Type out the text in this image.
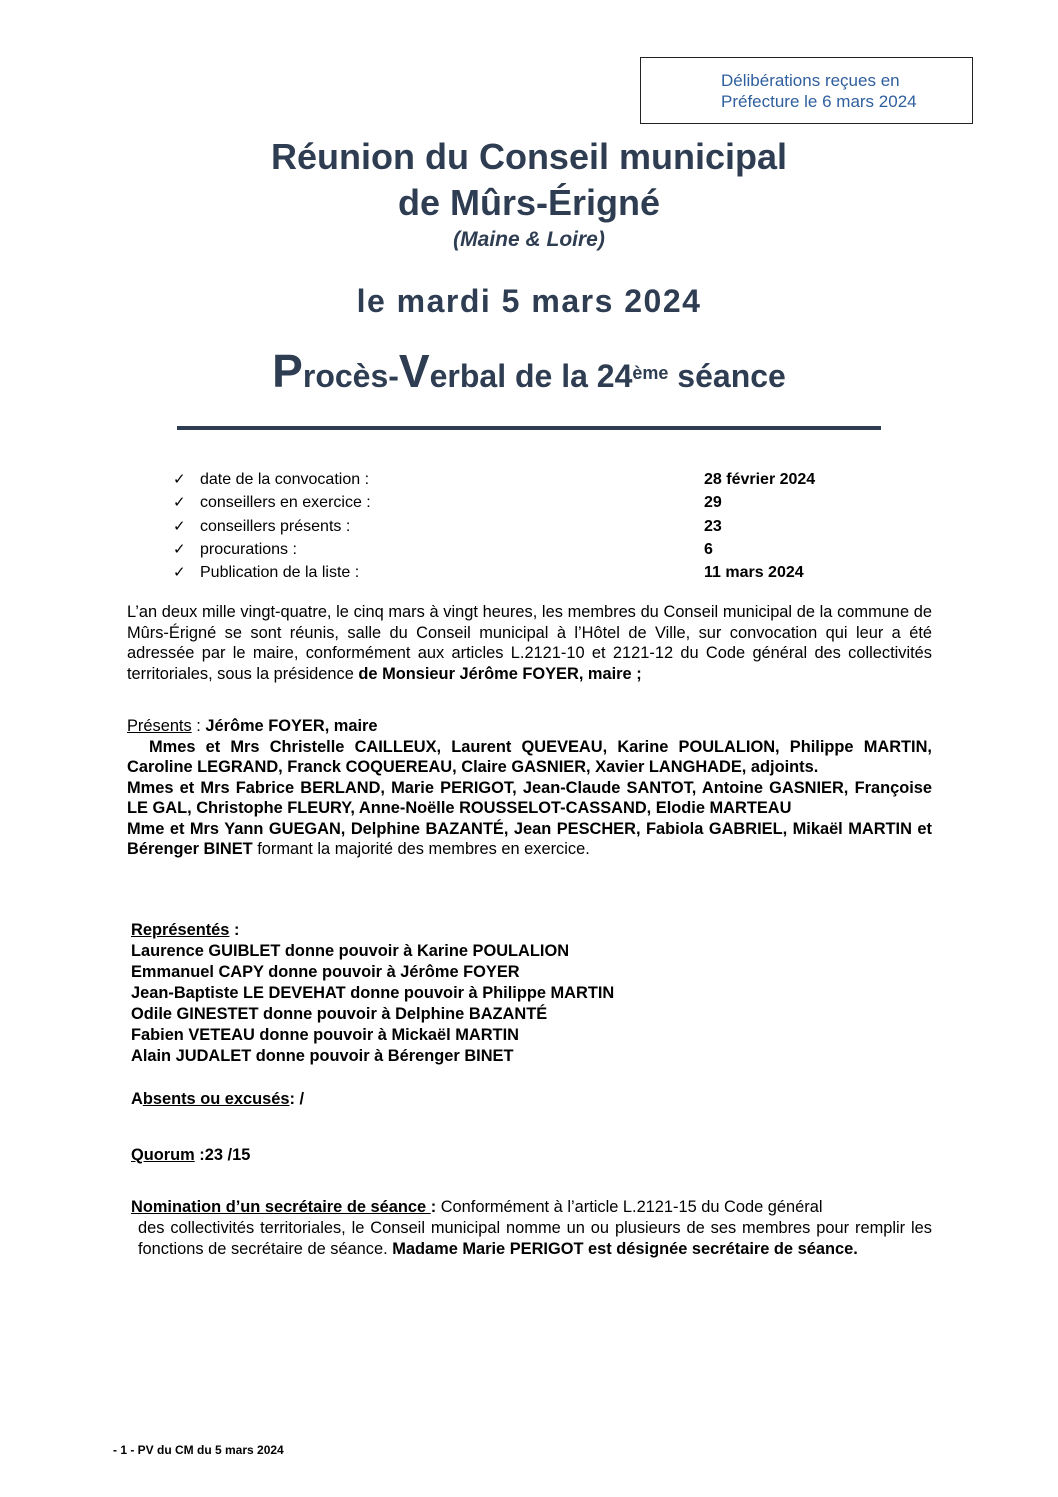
Délibérations reçues en
Préfecture le 6 mars 2024
Réunion du Conseil municipal
de Mûrs-Érigné
(Maine & Loire)
le mardi 5 mars 2024
Procès-Verbal de la 24ème séance
✓ date de la convocation :	28 février 2024
✓ conseillers en exercice :	29
✓ conseillers présents :	23
✓ procurations :	6
✓ Publication de la liste :	11 mars 2024
L’an deux mille vingt-quatre, le cinq mars à vingt heures, les membres du Conseil municipal de la commune de Mûrs-Érigné se sont réunis, salle du Conseil municipal à l’Hôtel de Ville, sur convocation qui leur a été adressée par le maire, conformément aux articles L.2121-10 et 2121-12 du Code général des collectivités territoriales, sous la présidence de Monsieur Jérôme FOYER, maire ;
Présents : Jérôme FOYER, maire
Mmes et Mrs Christelle CAILLEUX, Laurent QUEVEAU, Karine POULALION, Philippe MARTIN, Caroline LEGRAND, Franck COQUEREAU, Claire GASNIER, Xavier LANGHADE, adjoints.
Mmes et Mrs Fabrice BERLAND, Marie PERIGOT, Jean-Claude SANTOT, Antoine GASNIER, Françoise LE GAL, Christophe FLEURY, Anne-Noëlle ROUSSELOT-CASSAND, Elodie MARTEAU
Mme et Mrs Yann GUEGAN, Delphine BAZANTÉ, Jean PESCHER, Fabiola GABRIEL, Mikaël MARTIN et Bérenger BINET formant la majorité des membres en exercice.
Représentés :
Laurence GUIBLET donne pouvoir à Karine POULALION
Emmanuel CAPY donne pouvoir à Jérôme FOYER
Jean-Baptiste LE DEVEHAT donne pouvoir à Philippe MARTIN
Odile GINESTET donne pouvoir à Delphine BAZANTÉ
Fabien VETEAU donne pouvoir à Mickaël MARTIN
Alain JUDALET donne pouvoir à Bérenger BINET
Absents ou excusés: /
Quorum :23 /15
Nomination d’un secrétaire de séance : Conformément à l’article L.2121-15 du Code général
des collectivités territoriales, le Conseil municipal nomme un ou plusieurs de ses membres pour remplir les fonctions de secrétaire de séance. Madame Marie PERIGOT est désignée secrétaire de séance.
- 1 - PV du CM du 5 mars 2024
